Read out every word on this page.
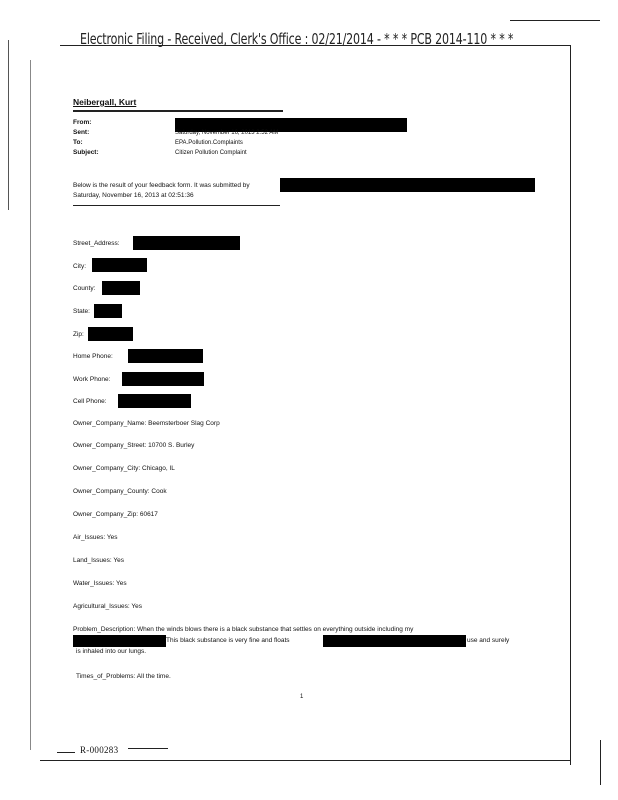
Electronic Filing - Received, Clerk's Office : 02/21/2014 - * * * PCB 2014-110 * * *
Neibergall, Kurt
From:
Sent:	Saturday, November 16, 2013 2:52 AM
To:	EPA.Pollution.Complaints
Subject:	Citizen Pollution Complaint
Below is the result of your feedback form. It was submitted by
Saturday, November 16, 2013 at 02:51:36
Street_Address:
City:
County:
State:
Zip:
Home Phone:
Work Phone:
Cell Phone:
Owner_Company_Name: Beemsterboer Slag Corp
Owner_Company_Street: 10700 S. Burley
Owner_Company_City: Chicago, IL
Owner_Company_County: Cook
Owner_Company_Zip: 60617
Air_Issues: Yes
Land_Issues: Yes
Water_Issues: Yes
Agricultural_Issues: Yes
Problem_Description: When the winds blows there is a black substance that settles on everything outside including my
This black substance is very fine and floats	use and surely
is inhaled into our lungs.
Times_of_Problems: All the time.
1
R-000283
